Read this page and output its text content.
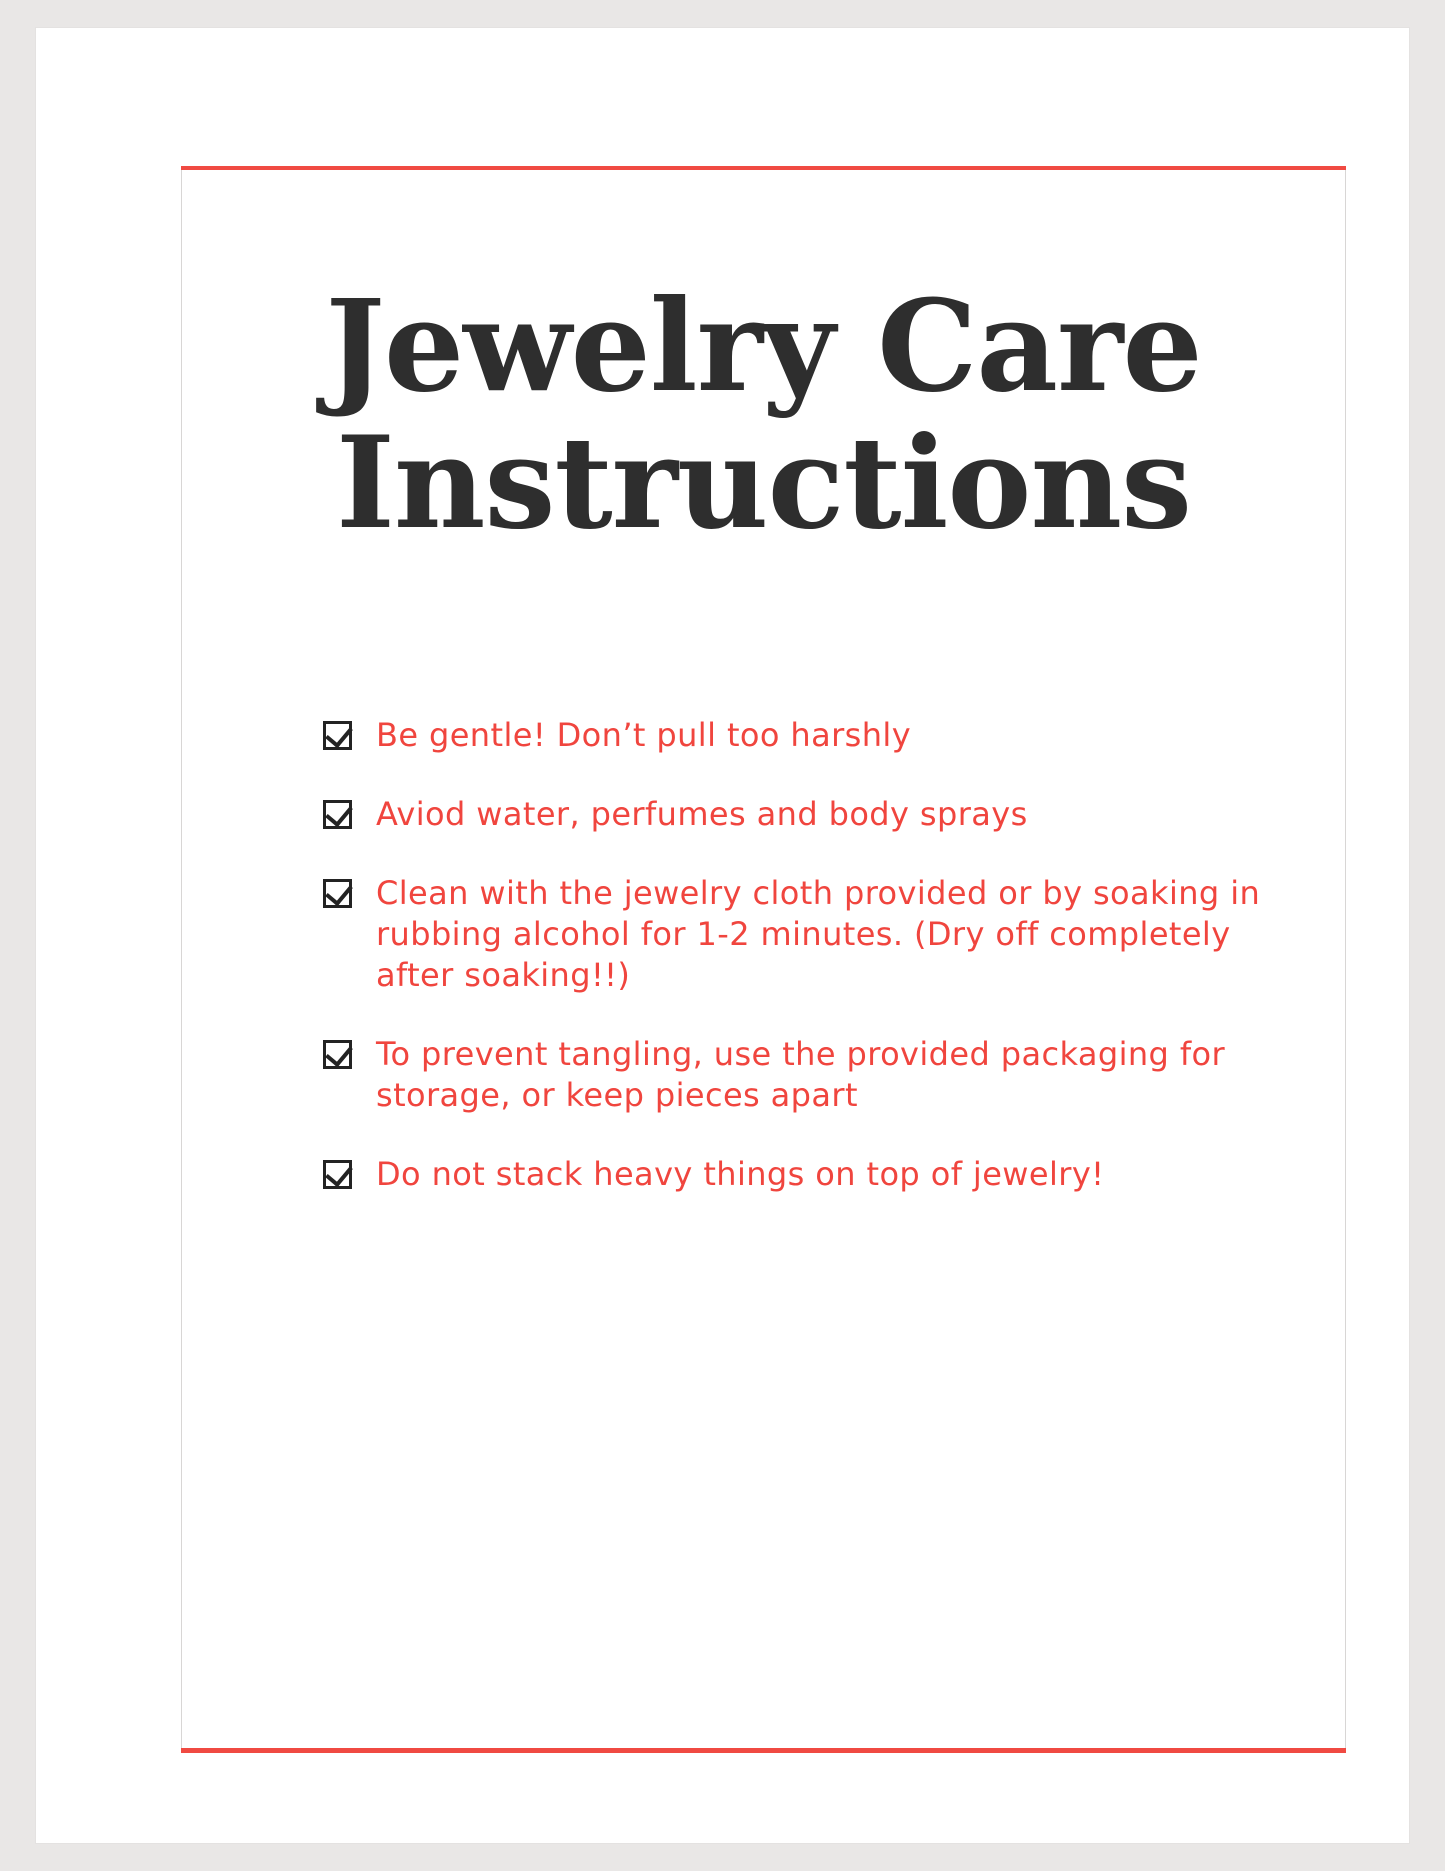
Jewelry Care
Instructions
Be gentle! Don’t pull too harshly
Aviod water, perfumes and body sprays
Clean with the jewelry cloth provided or by soaking in rubbing alcohol for 1-2 minutes. (Dry off completely after soaking!!)
To prevent tangling, use the provided packaging for storage, or keep pieces apart
Do not stack heavy things on top of jewelry!
